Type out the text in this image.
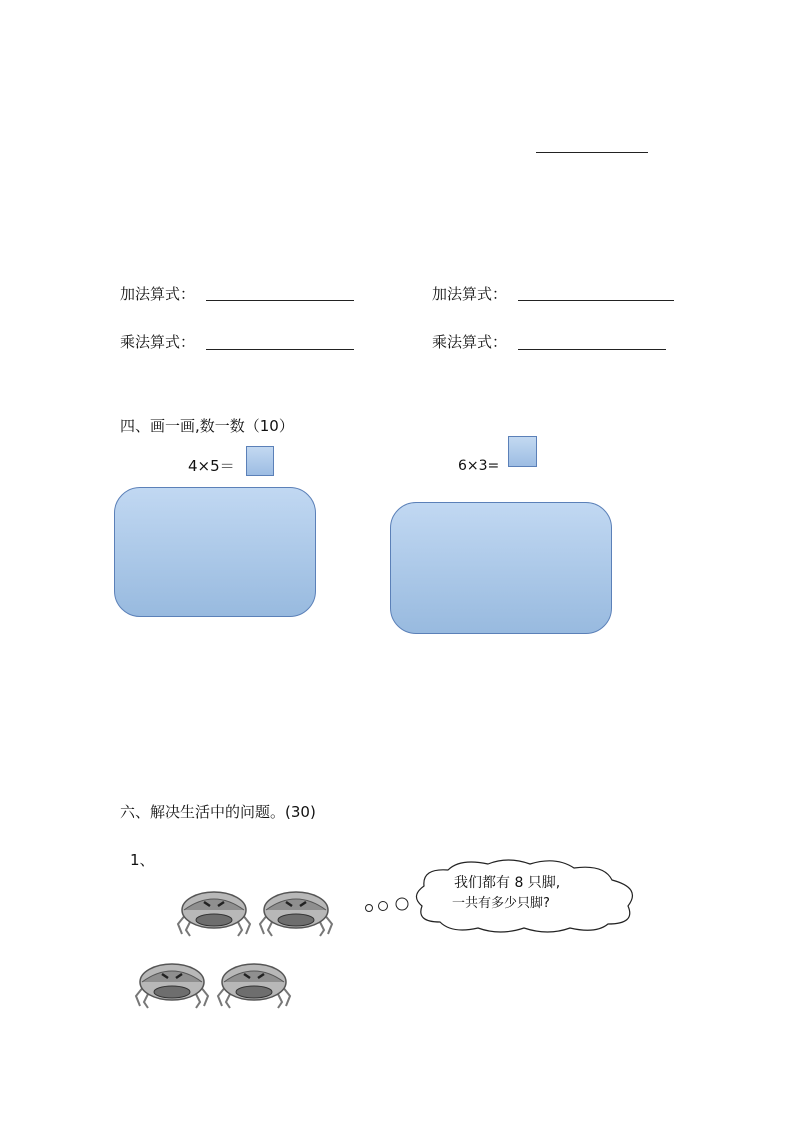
加法算式：	加法算式：
乘法算式：	乘法算式：
四、画一画,数一数（10）
4×5＝	6×3=
六、解决生活中的问题。(30)
1、
我们都有 8 只脚,
一共有多少只脚?
